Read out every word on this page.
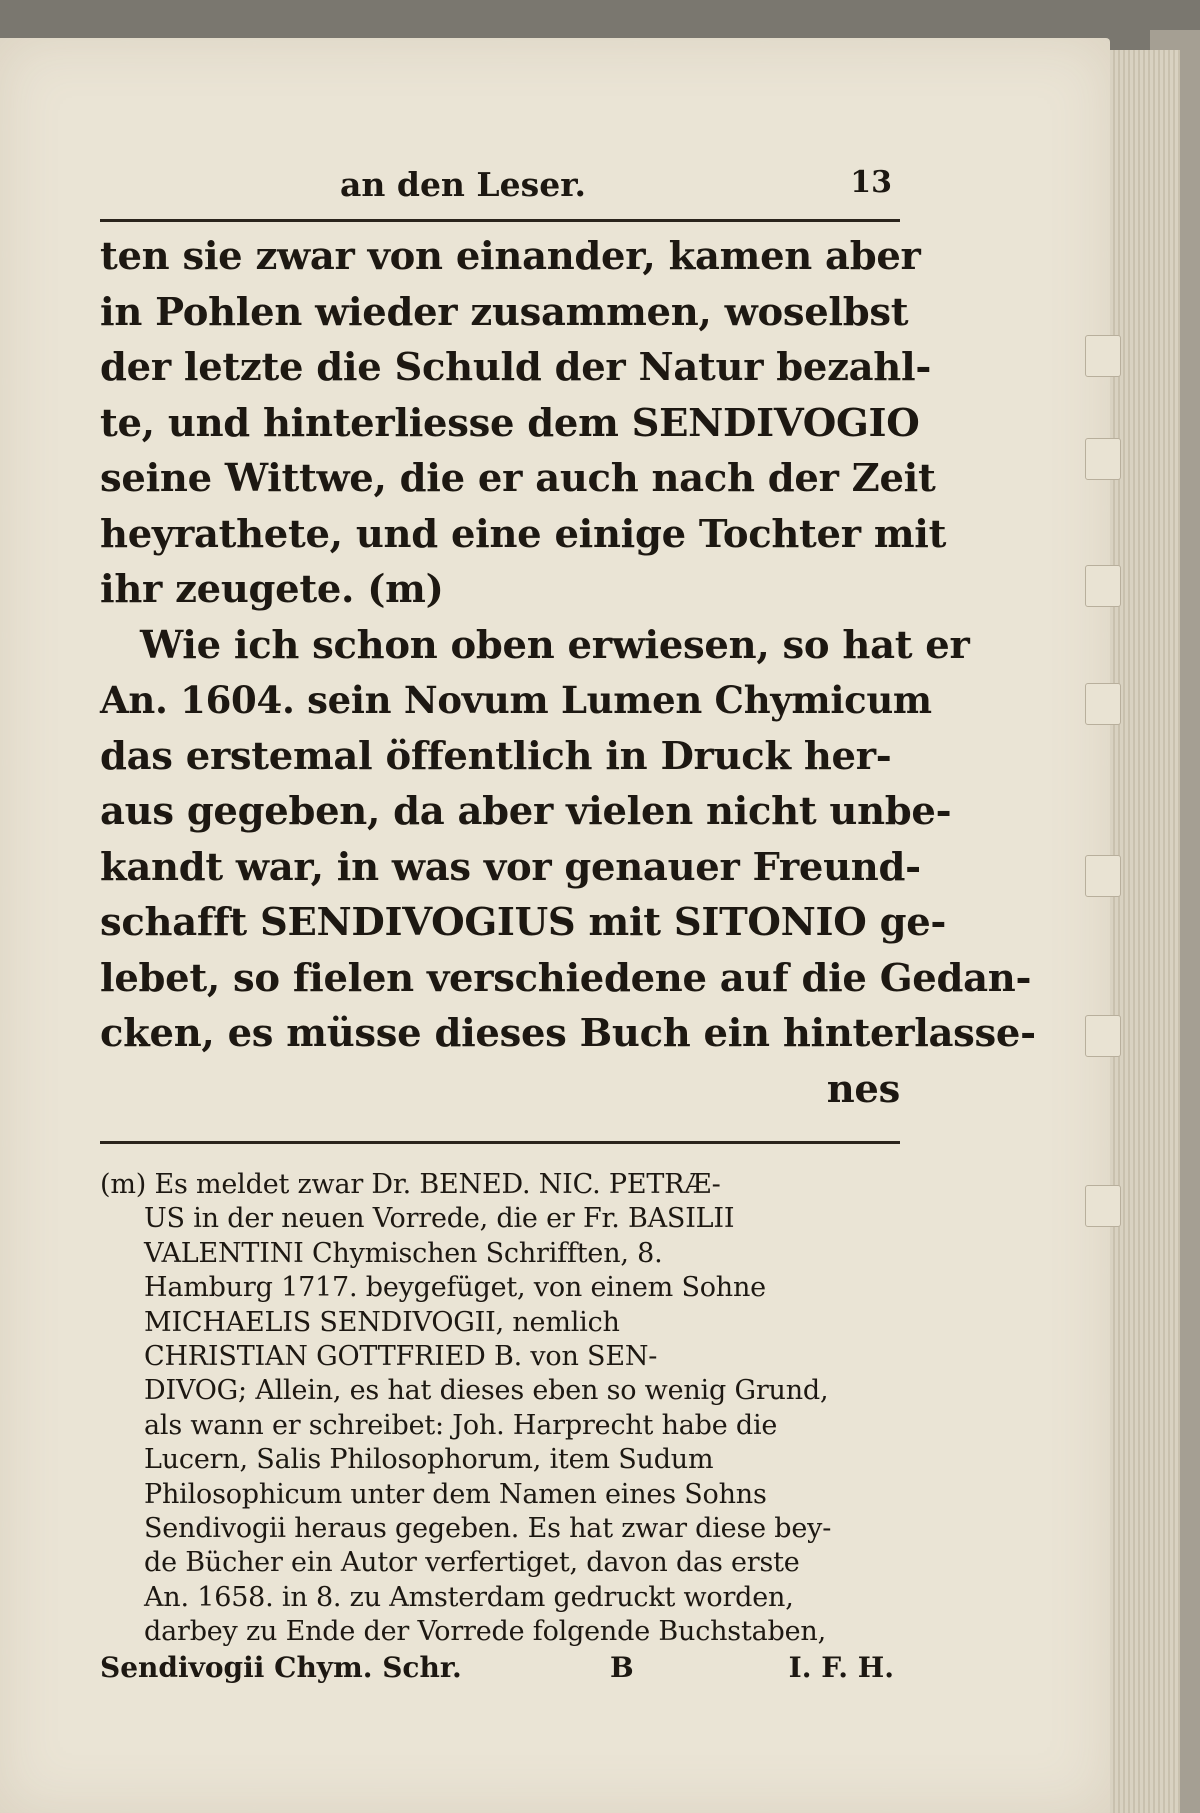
an den Leser.	13
ten sie zwar von einander, kamen aber
in Pohlen wieder zusammen, woselbst
der letzte die Schuld der Natur bezahl-
te, und hinterliesse dem SENDIVOGIO
seine Wittwe, die er auch nach der Zeit
heyrathete, und eine einige Tochter mit
ihr zeugete. (m)
Wie ich schon oben erwiesen, so hat er
An. 1604. sein Novum Lumen Chymicum
das erstemal öffentlich in Druck her-
aus gegeben, da aber vielen nicht unbe-
kandt war, in was vor genauer Freund-
schafft SENDIVOGIUS mit SITONIO ge-
lebet, so fielen verschiedene auf die Gedan-
cken, es müsse dieses Buch ein hinterlasse-
nes
(m) Es meldet zwar Dr. BENED. NIC. PETRÆ-
US in der neuen Vorrede, die er Fr. BASILII
VALENTINI Chymischen Schrifften, 8.
Hamburg 1717. beygefüget, von einem Sohne
MICHAELIS SENDIVOGII, nemlich
CHRISTIAN GOTTFRIED B. von SEN-
DIVOG; Allein, es hat dieses eben so wenig Grund,
als wann er schreibet: Joh. Harprecht habe die
Lucern, Salis Philosophorum, item Sudum
Philosophicum unter dem Namen eines Sohns
Sendivogii heraus gegeben. Es hat zwar diese bey-
de Bücher ein Autor verfertiget, davon das erste
An. 1658. in 8. zu Amsterdam gedruckt worden,
darbey zu Ende der Vorrede folgende Buchstaben,
Sendivogii Chym. Schr.	B	I. F. H.
